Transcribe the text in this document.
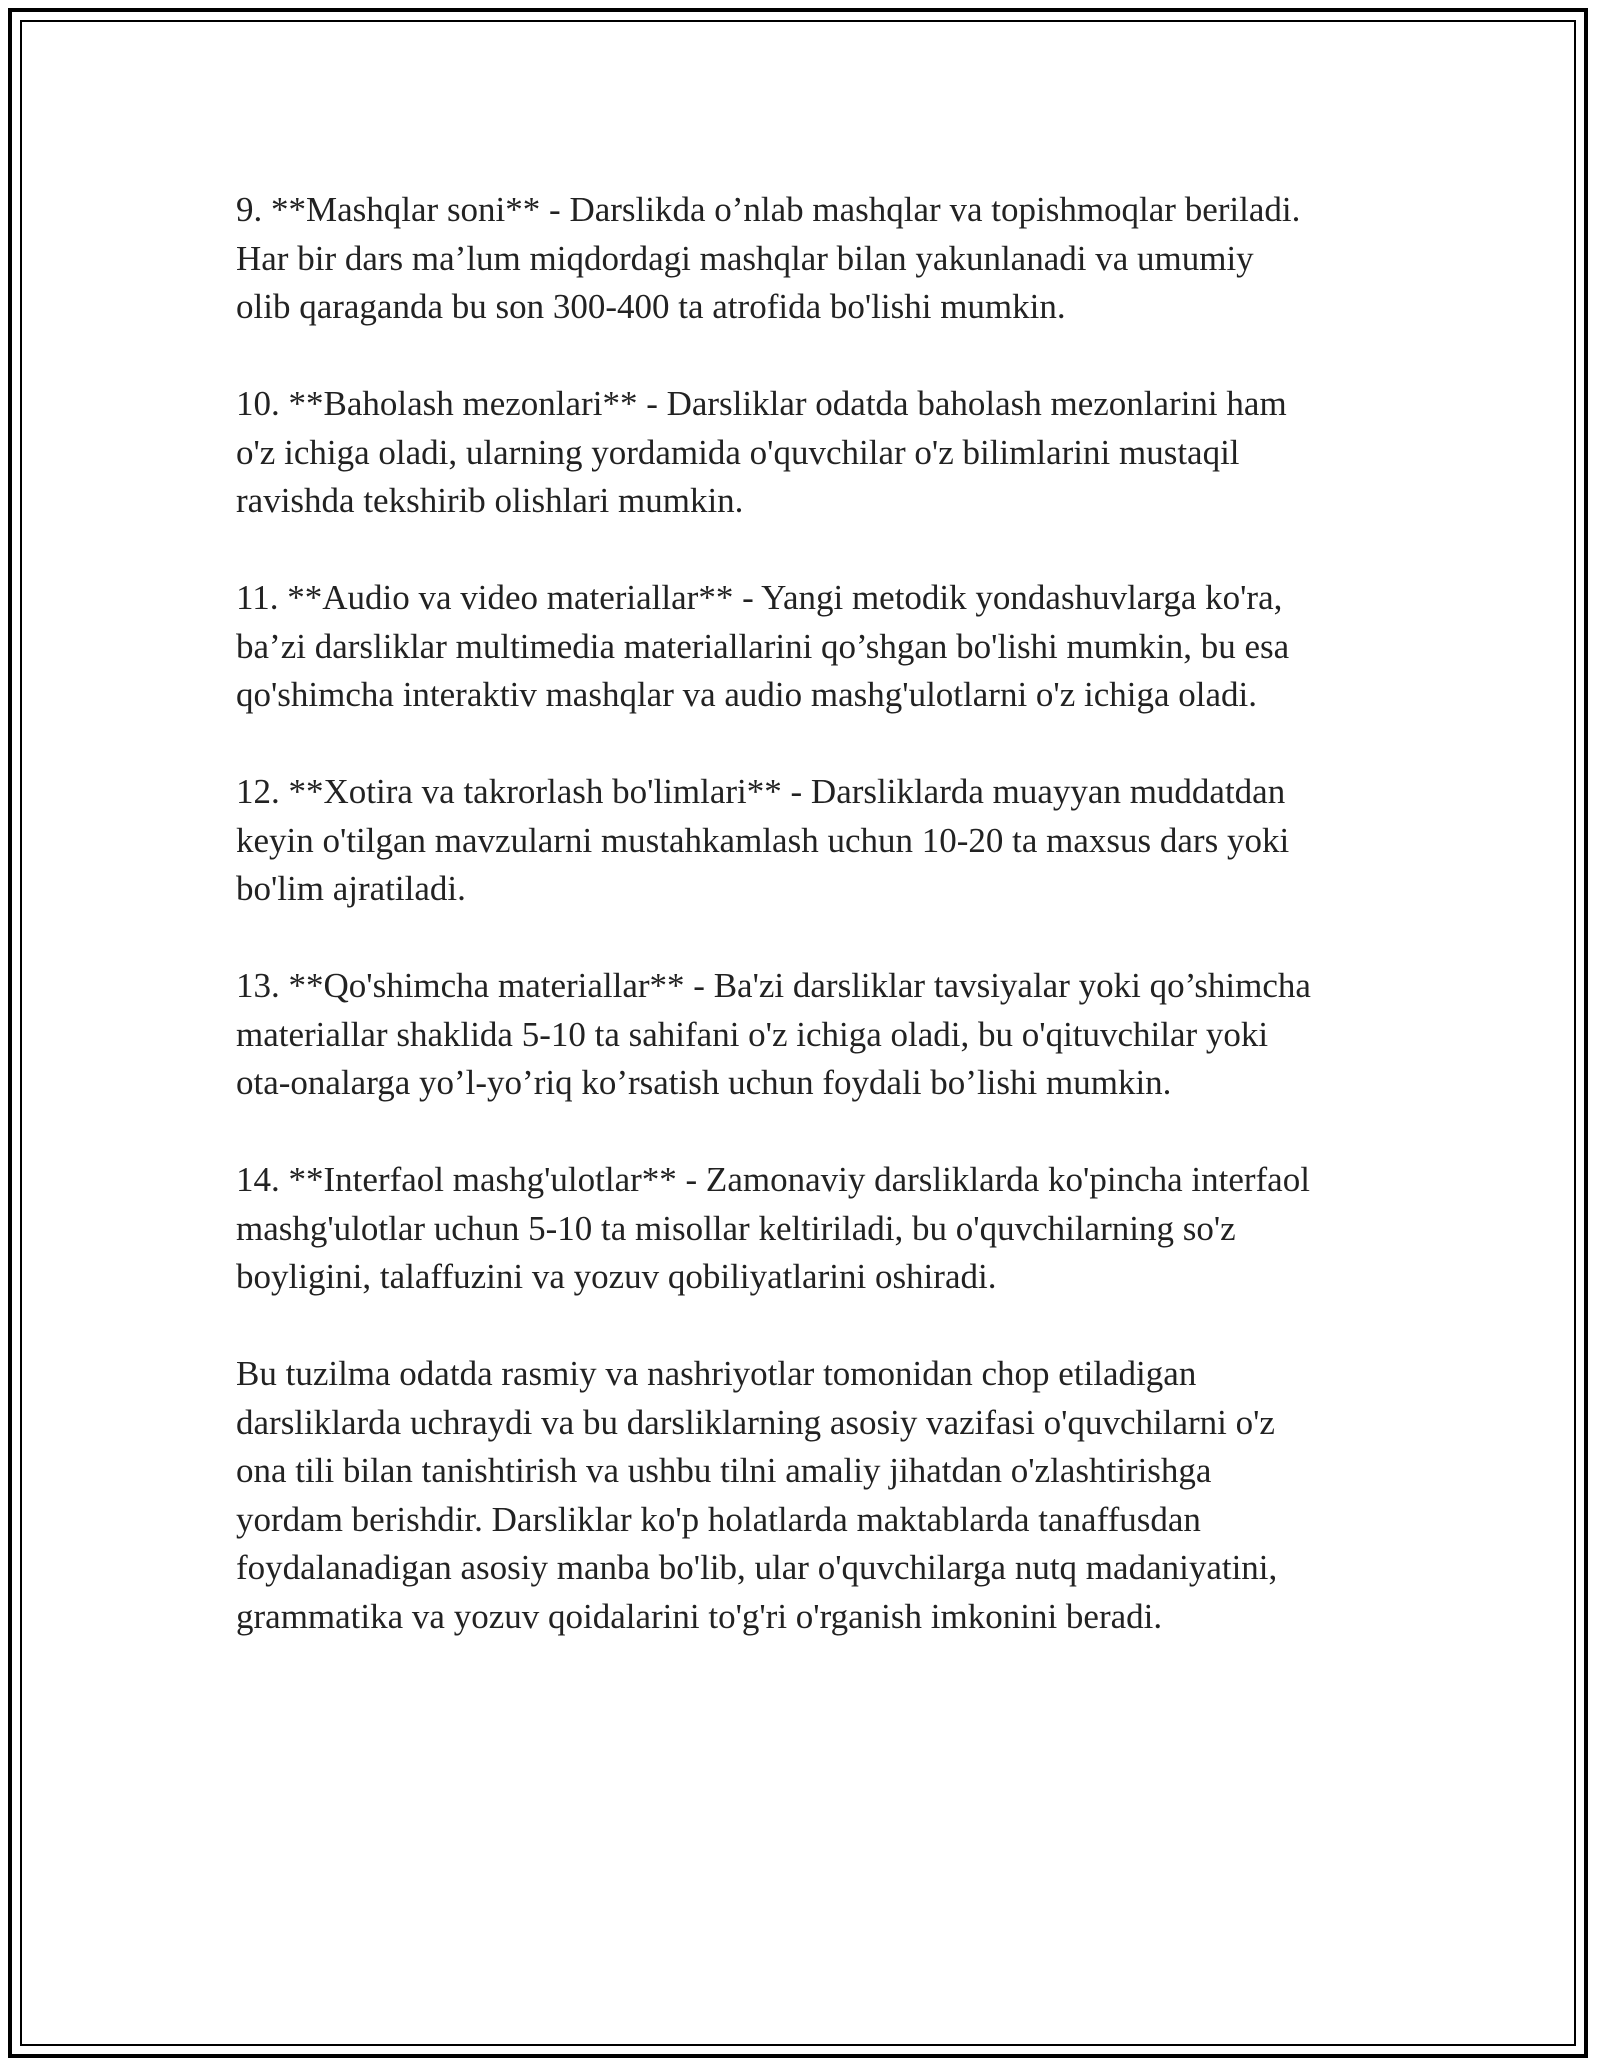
9. **Mashqlar soni** - Darslikda o’nlab mashqlar va topishmoqlar beriladi.
Har bir dars ma’lum miqdordagi mashqlar bilan yakunlanadi va umumiy
olib qaraganda bu son 300-400 ta atrofida bo'lishi mumkin.

10. **Baholash mezonlari** - Darsliklar odatda baholash mezonlarini ham
o'z ichiga oladi, ularning yordamida o'quvchilar o'z bilimlarini mustaqil
ravishda tekshirib olishlari mumkin.

11. **Audio va video materiallar** - Yangi metodik yondashuvlarga ko'ra,
ba’zi darsliklar multimedia materiallarini qo’shgan bo'lishi mumkin, bu esa
qo'shimcha interaktiv mashqlar va audio mashg'ulotlarni o'z ichiga oladi.

12. **Xotira va takrorlash bo'limlari** - Darsliklarda muayyan muddatdan
keyin o'tilgan mavzularni mustahkamlash uchun 10-20 ta maxsus dars yoki
bo'lim ajratiladi.

13. **Qo'shimcha materiallar** - Ba'zi darsliklar tavsiyalar yoki qo’shimcha
materiallar shaklida 5-10 ta sahifani o'z ichiga oladi, bu o'qituvchilar yoki
ota-onalarga yo’l-yo’riq ko’rsatish uchun foydali bo’lishi mumkin.

14. **Interfaol mashg'ulotlar** - Zamonaviy darsliklarda ko'pincha interfaol
mashg'ulotlar uchun 5-10 ta misollar keltiriladi, bu o'quvchilarning so'z
boyligini, talaffuzini va yozuv qobiliyatlarini oshiradi.

Bu tuzilma odatda rasmiy va nashriyotlar tomonidan chop etiladigan
darsliklarda uchraydi va bu darsliklarning asosiy vazifasi o'quvchilarni o'z
ona tili bilan tanishtirish va ushbu tilni amaliy jihatdan o'zlashtirishga
yordam berishdir. Darsliklar ko'p holatlarda maktablarda tanaffusdan
foydalanadigan asosiy manba bo'lib, ular o'quvchilarga nutq madaniyatini,
grammatika va yozuv qoidalarini to'g'ri o'rganish imkonini beradi.
